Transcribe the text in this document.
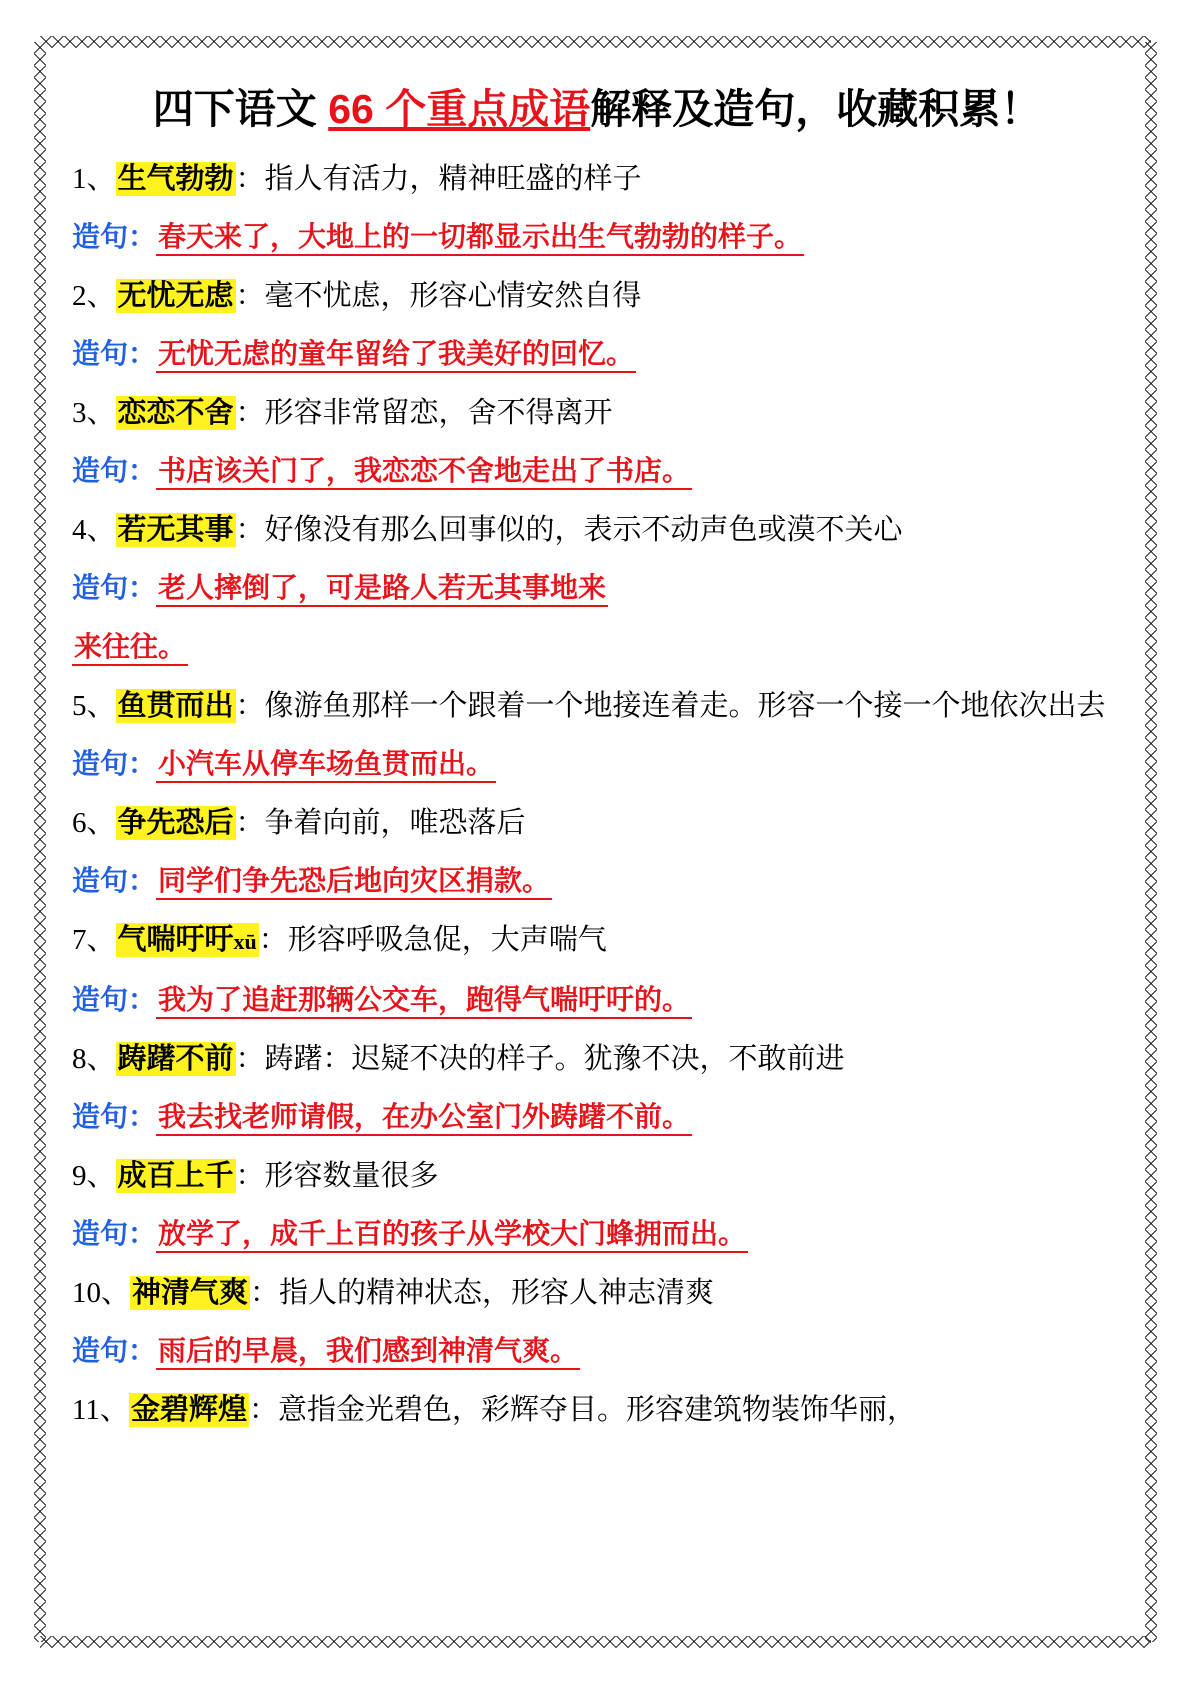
四下语文 66 个重点成语解释及造句，收藏积累！
1、生气勃勃：指人有活力，精神旺盛的样子
造句：春天来了，大地上的一切都显示出生气勃勃的样子。
2、无忧无虑：毫不忧虑，形容心情安然自得
造句：无忧无虑的童年留给了我美好的回忆。
3、恋恋不舍：形容非常留恋，舍不得离开
造句：书店该关门了，我恋恋不舍地走出了书店。
4、若无其事：好像没有那么回事似的，表示不动声色或漠不关心
造句：老人摔倒了，可是路人若无其事地来
来往往。
5、鱼贯而出：像游鱼那样一个跟着一个地接连着走。形容一个接一个地依次出去
造句：小汽车从停车场鱼贯而出。
6、争先恐后：争着向前，唯恐落后
造句：同学们争先恐后地向灾区捐款。
7、气喘吁吁xū：形容呼吸急促，大声喘气
造句：我为了追赶那辆公交车，跑得气喘吁吁的。
8、踌躇不前：踌躇：迟疑不决的样子。犹豫不决，不敢前进
造句：我去找老师请假，在办公室门外踌躇不前。
9、成百上千：形容数量很多
造句：放学了，成千上百的孩子从学校大门蜂拥而出。
10、神清气爽：指人的精神状态，形容人神志清爽
造句：雨后的早晨，我们感到神清气爽。
11、金碧辉煌：意指金光碧色，彩辉夺目。形容建筑物装饰华丽，
